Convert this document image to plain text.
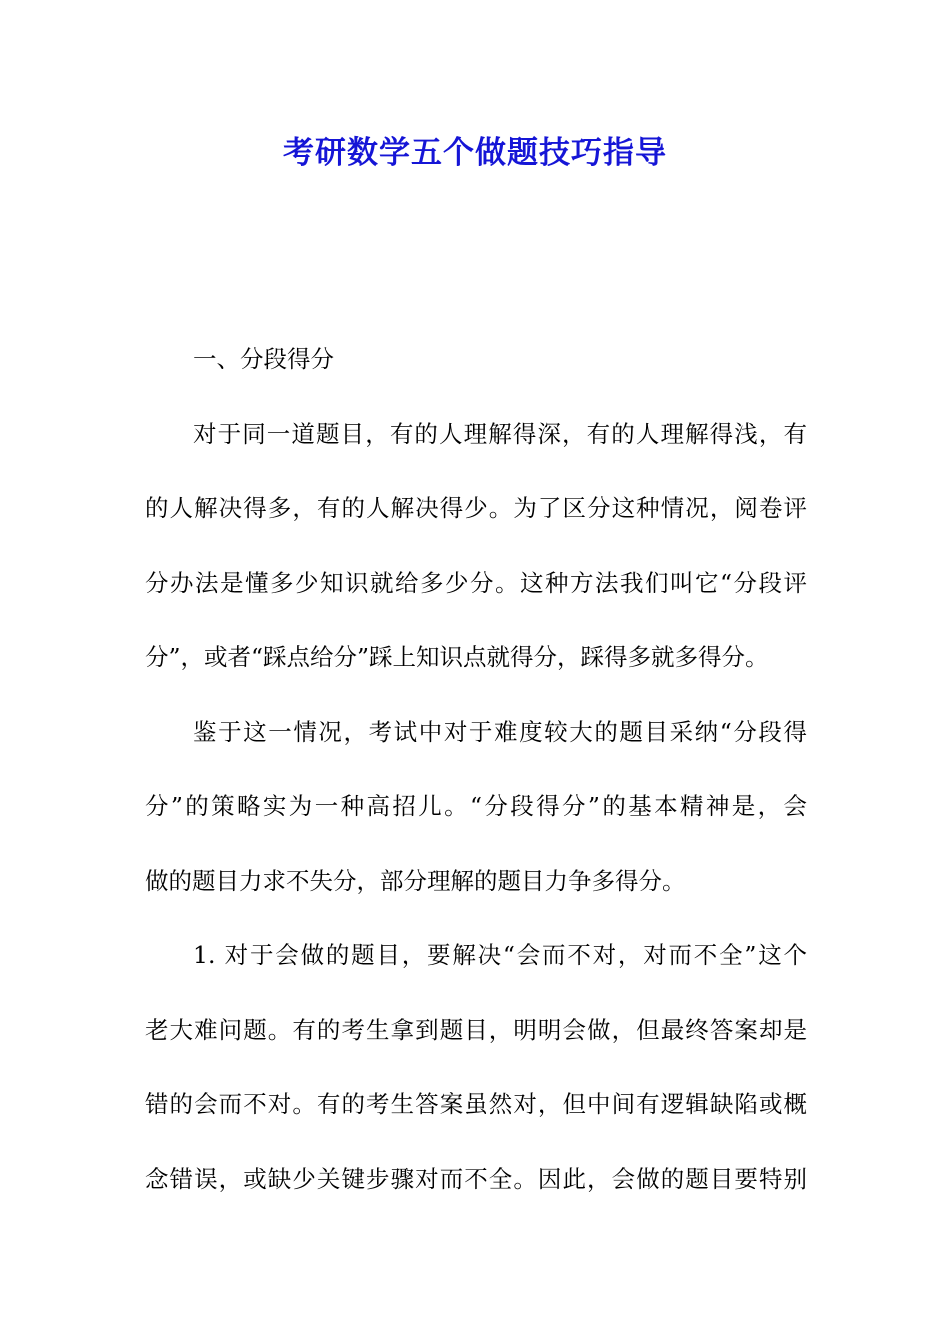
考研数学五个做题技巧指导
一、分段得分
对于同一道题目，有的人理解得深，有的人理解得浅，有
的人解决得多，有的人解决得少。为了区分这种情况，阅卷评
分办法是懂多少知识就给多少分。这种方法我们叫它“分段评
分”，或者“踩点给分”踩上知识点就得分，踩得多就多得分。
鉴于这一情况，考试中对于难度较大的题目采纳“分段得
分”的策略实为一种高招儿。“分段得分”的基本精神是，会
做的题目力求不失分，部分理解的题目力争多得分。
1. 对于会做的题目，要解决“会而不对，对而不全”这个
老大难问题。有的考生拿到题目，明明会做，但最终答案却是
错的会而不对。有的考生答案虽然对，但中间有逻辑缺陷或概
念错误，或缺少关键步骤对而不全。因此，会做的题目要特别
